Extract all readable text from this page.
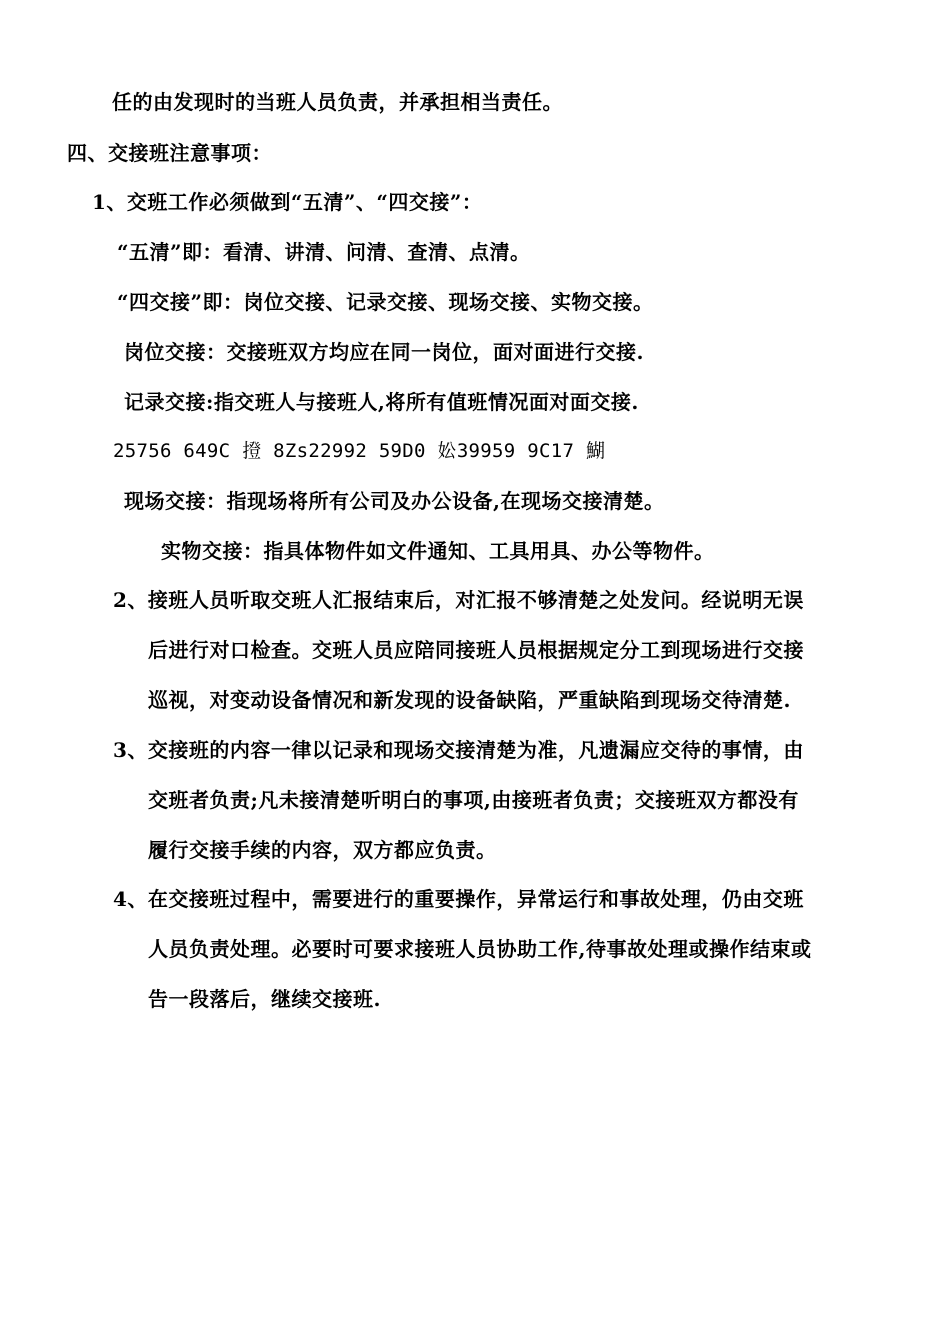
任的由发现时的当班人员负责，并承担相当责任。
四、交接班注意事项：
1、交班工作必须做到“五清”、“四交接”：
“五清”即：看清、讲清、问清、查清、点清。
“四交接”即：岗位交接、记录交接、现场交接、实物交接。
岗位交接：交接班双方均应在同一岗位，面对面进行交接.
记录交接:指交班人与接班人,将所有值班情况面对面交接.
25756 649C 撜 8Zs22992 59D0 妐39959 9C17 鰗
现场交接：指现场将所有公司及办公设备,在现场交接清楚。
实物交接：指具体物件如文件通知、工具用具、办公等物件。
2、接班人员听取交班人汇报结束后，对汇报不够清楚之处发问。经说明无误
后进行对口检查。交班人员应陪同接班人员根据规定分工到现场进行交接
巡视，对变动设备情况和新发现的设备缺陷，严重缺陷到现场交待清楚.
3、交接班的内容一律以记录和现场交接清楚为准，凡遗漏应交待的事情，由
交班者负责;凡未接清楚听明白的事项,由接班者负责；交接班双方都没有
履行交接手续的内容，双方都应负责。
4、在交接班过程中，需要进行的重要操作，异常运行和事故处理，仍由交班
人员负责处理。必要时可要求接班人员协助工作,待事故处理或操作结束或
告一段落后，继续交接班.
